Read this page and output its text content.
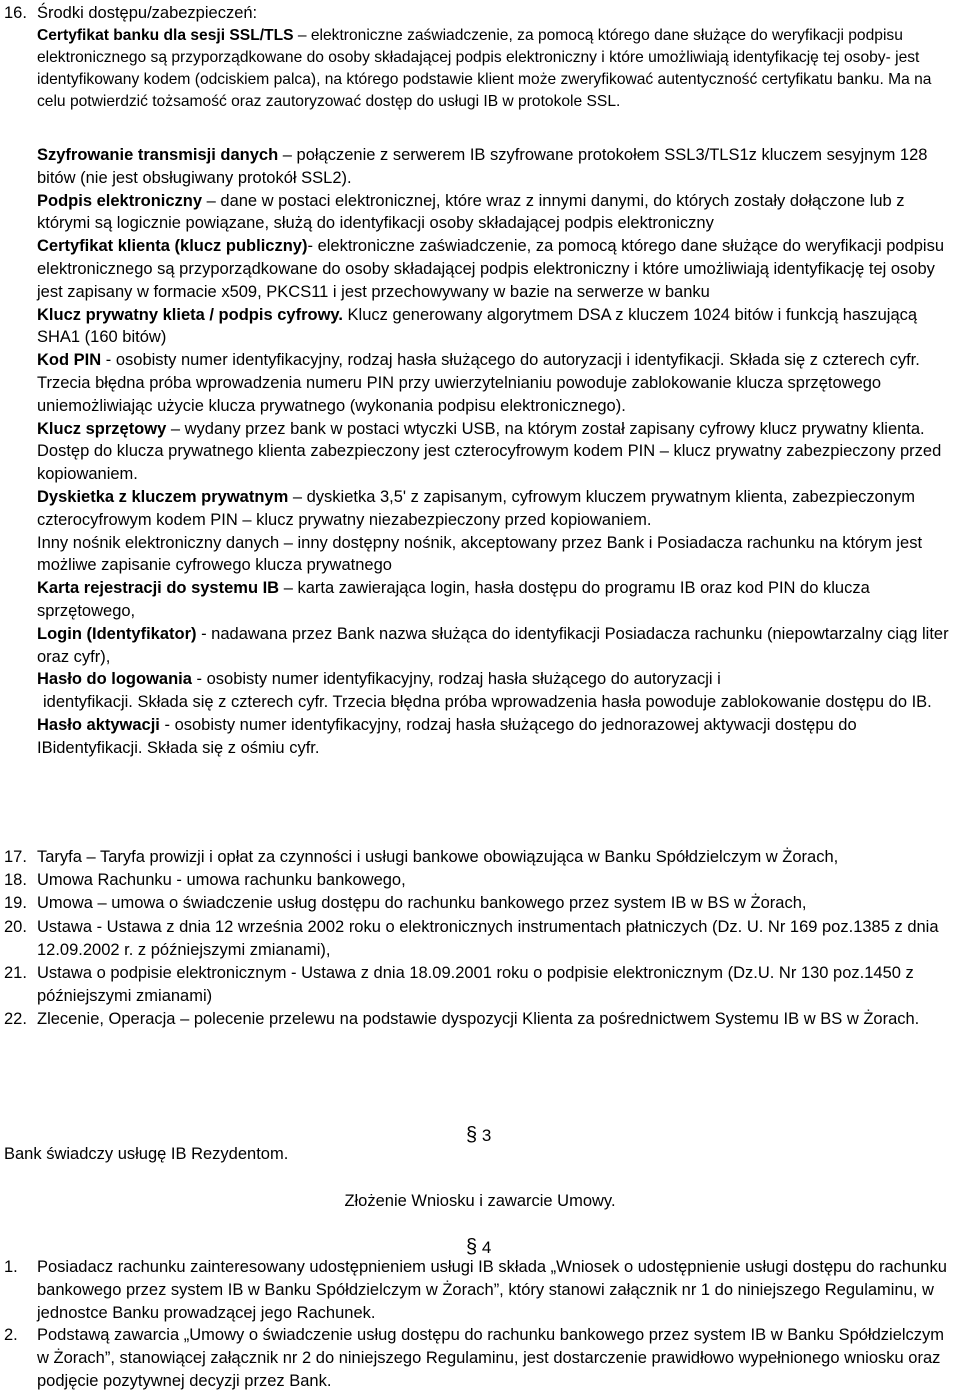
16. Środki dostępu/zabezpieczeń:
Certyfikat banku dla sesji SSL/TLS – elektroniczne zaświadczenie, za pomocą którego dane służące do weryfikacji podpisu elektronicznego są przyporządkowane do osoby składającej podpis elektroniczny i które umożliwiają identyfikację tej osoby- jest identyfikowany kodem (odciskiem palca), na którego podstawie klient może zweryfikować autentyczność certyfikatu banku. Ma na celu potwierdzić tożsamość oraz zautoryzować dostęp do usługi IB w protokole SSL.
Szyfrowanie transmisji danych – połączenie z serwerem IB szyfrowane protokołem SSL3/TLS1z kluczem sesyjnym 128 bitów (nie jest obsługiwany protokół SSL2).
Podpis elektroniczny – dane w postaci elektronicznej, które wraz z innymi danymi, do których zostały dołączone lub z którymi są logicznie powiązane, służą do identyfikacji osoby składającej podpis elektroniczny
Certyfikat klienta (klucz publiczny)- elektroniczne zaświadczenie, za pomocą którego dane służące do weryfikacji podpisu elektronicznego są przyporządkowane do osoby składającej podpis elektroniczny i które umożliwiają identyfikację tej osoby jest zapisany w formacie x509, PKCS11 i jest przechowywany w bazie na serwerze w banku
Klucz prywatny klieta / podpis cyfrowy. Klucz generowany algorytmem DSA z kluczem 1024 bitów i funkcją haszującą SHA1 (160 bitów)
Kod PIN - osobisty numer identyfikacyjny, rodzaj hasła służącego do autoryzacji i identyfikacji. Składa się z czterech cyfr. Trzecia błędna próba wprowadzenia numeru PIN przy uwierzytelnianiu powoduje zablokowanie klucza sprzętowego uniemożliwiając użycie klucza prywatnego (wykonania podpisu elektronicznego).
Klucz sprzętowy – wydany przez bank w postaci wtyczki USB, na którym został zapisany cyfrowy klucz prywatny klienta. Dostęp do klucza prywatnego klienta zabezpieczony jest czterocyfrowym kodem PIN – klucz prywatny zabezpieczony przed kopiowaniem.
Dyskietka z kluczem prywatnym – dyskietka 3,5' z zapisanym, cyfrowym kluczem prywatnym klienta, zabezpieczonym czterocyfrowym kodem PIN – klucz prywatny niezabezpieczony przed kopiowaniem.
Inny nośnik elektroniczny danych – inny dostępny nośnik, akceptowany przez Bank i Posiadacza rachunku na którym jest możliwe zapisanie cyfrowego klucza prywatnego
Karta rejestracji do systemu IB – karta zawierająca login, hasła dostępu do programu IB oraz kod PIN do klucza sprzętowego,
Login (Identyfikator) - nadawana przez Bank nazwa służąca do identyfikacji Posiadacza rachunku (niepowtarzalny ciąg liter oraz cyfr),
Hasło do logowania - osobisty numer identyfikacyjny, rodzaj hasła służącego do autoryzacji i
identyfikacji. Składa się z czterech cyfr. Trzecia błędna próba wprowadzenia hasła powoduje zablokowanie dostępu do IB.
Hasło aktywacji - osobisty numer identyfikacyjny, rodzaj hasła służącego do jednorazowej aktywacji dostępu do IBidentyfikacji. Składa się z ośmiu cyfr.
17. Taryfa – Taryfa prowizji i opłat za czynności i usługi bankowe obowiązująca w Banku Spółdzielczym w Żorach,
18. Umowa Rachunku - umowa rachunku bankowego,
19. Umowa – umowa o świadczenie usług dostępu do rachunku bankowego przez system IB w BS w Żorach,
20. Ustawa - Ustawa z dnia 12 września 2002 roku o elektronicznych instrumentach płatniczych (Dz. U. Nr 169 poz.1385 z dnia 12.09.2002 r. z późniejszymi zmianami),
21. Ustawa o podpisie elektronicznym - Ustawa z dnia 18.09.2001 roku o podpisie elektronicznym (Dz.U. Nr 130 poz.1450 z późniejszymi zmianami)
22. Zlecenie, Operacja – polecenie przelewu na podstawie dyspozycji Klienta za pośrednictwem Systemu IB w BS w Żorach.
§ 3
Bank świadczy usługę IB Rezydentom.
Złożenie Wniosku i zawarcie Umowy.
§ 4
1. Posiadacz rachunku zainteresowany udostępnieniem usługi IB składa „Wniosek o udostępnienie usługi dostępu do rachunku bankowego przez system IB w Banku Spółdzielczym w Żorach”, który stanowi załącznik nr 1 do niniejszego Regulaminu, w jednostce Banku prowadzącej jego Rachunek.
2. Podstawą zawarcia „Umowy o świadczenie usług dostępu do rachunku bankowego przez system IB w Banku Spółdzielczym w Żorach”, stanowiącej załącznik nr 2 do niniejszego Regulaminu, jest dostarczenie prawidłowo wypełnionego wniosku oraz podjęcie pozytywnej decyzji przez Bank.
